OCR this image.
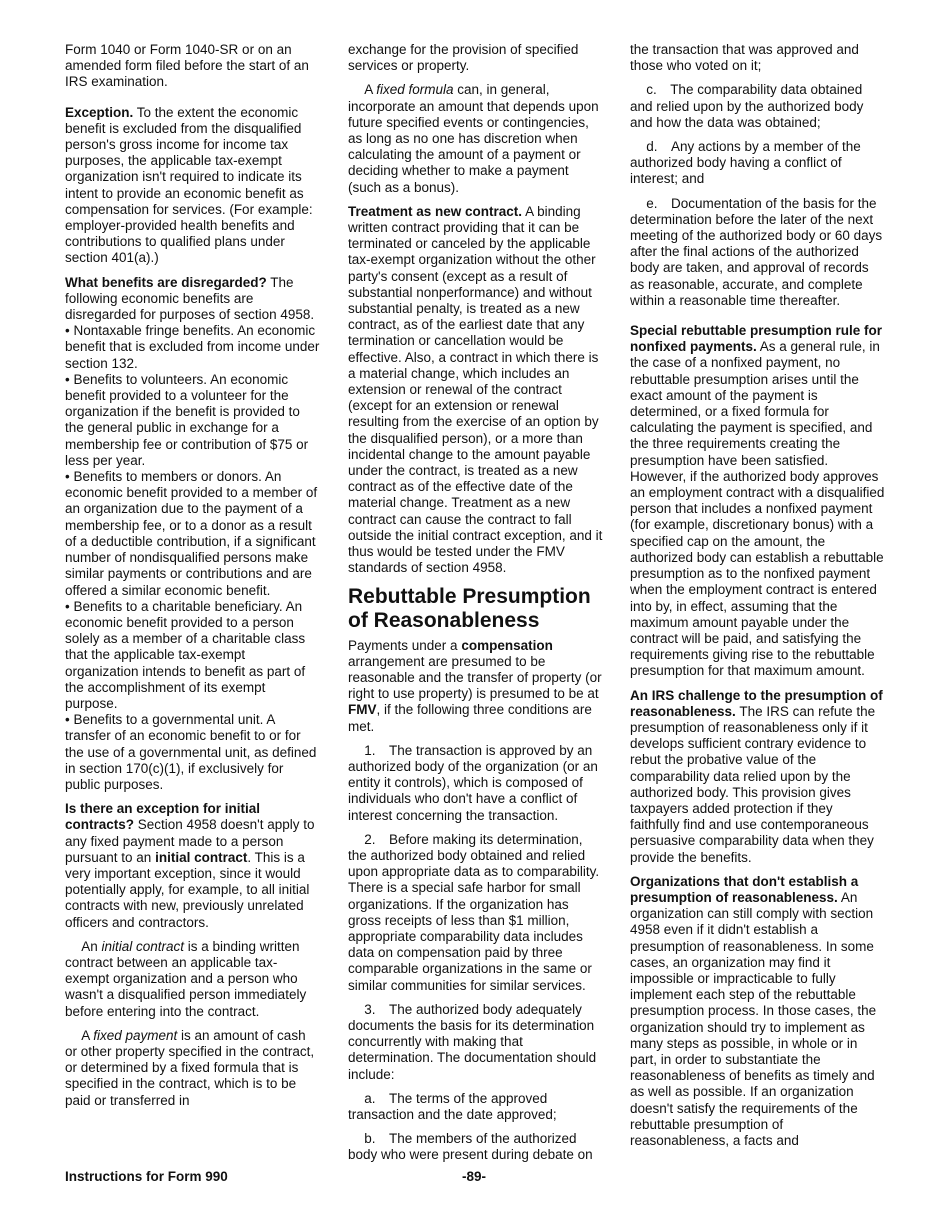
Form 1040 or Form 1040-SR or on an amended form filed before the start of an IRS examination.

Exception. To the extent the economic benefit is excluded from the disqualified person's gross income for income tax purposes, the applicable tax-exempt organization isn't required to indicate its intent to provide an economic benefit as compensation for services. (For example: employer-provided health benefits and contributions to qualified plans under section 401(a).)

What benefits are disregarded? The following economic benefits are disregarded for purposes of section 4958.

• Nontaxable fringe benefits. An economic benefit that is excluded from income under section 132.

• Benefits to volunteers. An economic benefit provided to a volunteer for the organization if the benefit is provided to the general public in exchange for a membership fee or contribution of $75 or less per year.

• Benefits to members or donors. An economic benefit provided to a member of an organization due to the payment of a membership fee, or to a donor as a result of a deductible contribution, if a significant number of nondisqualified persons make similar payments or contributions and are offered a similar economic benefit.

• Benefits to a charitable beneficiary. An economic benefit provided to a person solely as a member of a charitable class that the applicable tax-exempt organization intends to benefit as part of the accomplishment of its exempt purpose.

• Benefits to a governmental unit. A transfer of an economic benefit to or for the use of a governmental unit, as defined in section 170(c)(1), if exclusively for public purposes.

Is there an exception for initial contracts? Section 4958 doesn't apply to any fixed payment made to a person pursuant to an initial contract. This is a very important exception, since it would potentially apply, for example, to all initial contracts with new, previously unrelated officers and contractors.

An initial contract is a binding written contract between an applicable tax-exempt organization and a person who wasn't a disqualified person immediately before entering into the contract.

A fixed payment is an amount of cash or other property specified in the contract, or determined by a fixed formula that is specified in the contract, which is to be paid or transferred in

exchange for the provision of specified services or property.

A fixed formula can, in general, incorporate an amount that depends upon future specified events or contingencies, as long as no one has discretion when calculating the amount of a payment or deciding whether to make a payment (such as a bonus).

Treatment as new contract. A binding written contract providing that it can be terminated or canceled by the applicable tax-exempt organization without the other party's consent (except as a result of substantial nonperformance) and without substantial penalty, is treated as a new contract, as of the earliest date that any termination or cancellation would be effective. Also, a contract in which there is a material change, which includes an extension or renewal of the contract (except for an extension or renewal resulting from the exercise of an option by the disqualified person), or a more than incidental change to the amount payable under the contract, is treated as a new contract as of the effective date of the material change. Treatment as a new contract can cause the contract to fall outside the initial contract exception, and it thus would be tested under the FMV standards of section 4958.

Rebuttable Presumption of Reasonableness

Payments under a compensation arrangement are presumed to be reasonable and the transfer of property (or right to use property) is presumed to be at FMV, if the following three conditions are met.

1. The transaction is approved by an authorized body of the organization (or an entity it controls), which is composed of individuals who don't have a conflict of interest concerning the transaction.

2. Before making its determination, the authorized body obtained and relied upon appropriate data as to comparability. There is a special safe harbor for small organizations. If the organization has gross receipts of less than $1 million, appropriate comparability data includes data on compensation paid by three comparable organizations in the same or similar communities for similar services.

3. The authorized body adequately documents the basis for its determination concurrently with making that determination. The documentation should include:

a. The terms of the approved transaction and the date approved;

b. The members of the authorized body who were present during debate on

the transaction that was approved and those who voted on it;

c. The comparability data obtained and relied upon by the authorized body and how the data was obtained;

d. Any actions by a member of the authorized body having a conflict of interest; and

e. Documentation of the basis for the determination before the later of the next meeting of the authorized body or 60 days after the final actions of the authorized body are taken, and approval of records as reasonable, accurate, and complete within a reasonable time thereafter.

Special rebuttable presumption rule for nonfixed payments. As a general rule, in the case of a nonfixed payment, no rebuttable presumption arises until the exact amount of the payment is determined, or a fixed formula for calculating the payment is specified, and the three requirements creating the presumption have been satisfied. However, if the authorized body approves an employment contract with a disqualified person that includes a nonfixed payment (for example, discretionary bonus) with a specified cap on the amount, the authorized body can establish a rebuttable presumption as to the nonfixed payment when the employment contract is entered into by, in effect, assuming that the maximum amount payable under the contract will be paid, and satisfying the requirements giving rise to the rebuttable presumption for that maximum amount.

An IRS challenge to the presumption of reasonableness. The IRS can refute the presumption of reasonableness only if it develops sufficient contrary evidence to rebut the probative value of the comparability data relied upon by the authorized body. This provision gives taxpayers added protection if they faithfully find and use contemporaneous persuasive comparability data when they provide the benefits.

Organizations that don't establish a presumption of reasonableness. An organization can still comply with section 4958 even if it didn't establish a presumption of reasonableness. In some cases, an organization may find it impossible or impracticable to fully implement each step of the rebuttable presumption process. In those cases, the organization should try to implement as many steps as possible, in whole or in part, in order to substantiate the reasonableness of benefits as timely and as well as possible. If an organization doesn't satisfy the requirements of the rebuttable presumption of reasonableness, a facts and

Instructions for Form 990	-89-
